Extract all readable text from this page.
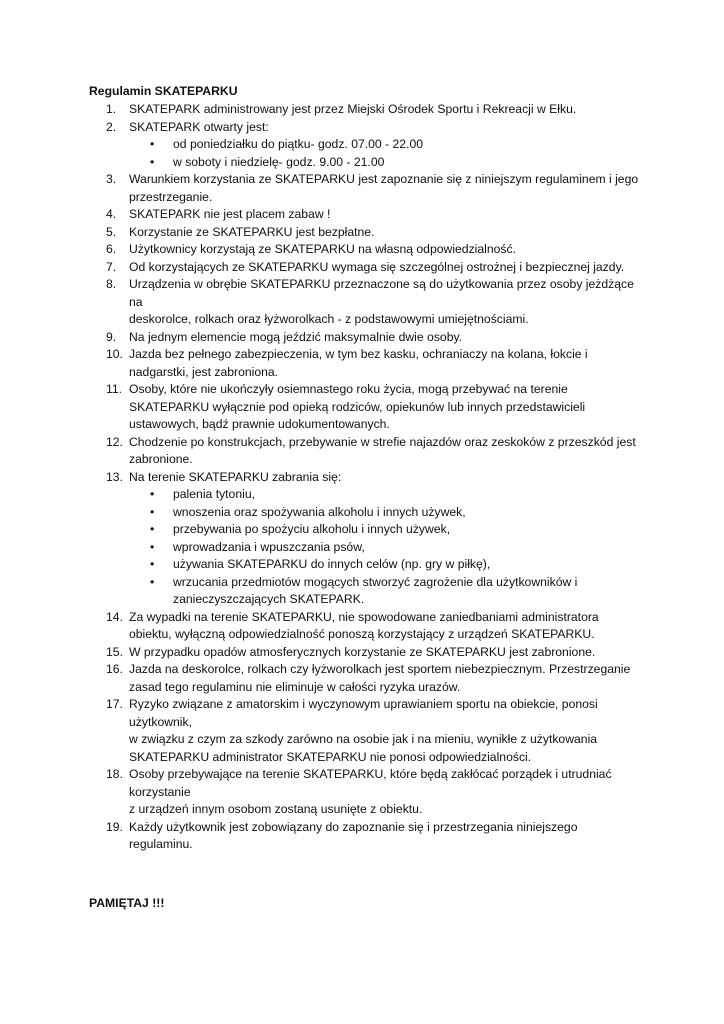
Regulamin SKATEPARKU
1. SKATEPARK administrowany jest przez Miejski Ośrodek Sportu i Rekreacji w Ełku.
2. SKATEPARK otwarty jest:
• od poniedziałku do piątku- godz. 07.00 - 22.00
• w soboty i niedzielę- godz. 9.00 - 21.00
3. Warunkiem korzystania ze SKATEPARKU jest zapoznanie się z niniejszym regulaminem i jego
przestrzeganie.
4. SKATEPARK nie jest placem zabaw !
5. Korzystanie ze SKATEPARKU jest bezpłatne.
6. Użytkownicy korzystają ze SKATEPARKU na własną odpowiedzialność.
7. Od korzystających ze SKATEPARKU wymaga się szczególnej ostrożnej i bezpiecznej jazdy.
8. Urządzenia w obrębie SKATEPARKU przeznaczone są do użytkowania przez osoby jeżdżące na
deskorolce, rolkach oraz łyżworolkach - z podstawowymi umiejętnościami.
9. Na jednym elemencie mogą jeździć maksymalnie dwie osoby.
10. Jazda bez pełnego zabezpieczenia, w tym bez kasku, ochraniaczy na kolana, łokcie i
nadgarstki, jest zabroniona.
11. Osoby, które nie ukończyły osiemnastego roku życia, mogą przebywać na terenie
SKATEPARKU wyłącznie pod opieką rodziców, opiekunów lub innych przedstawicieli
ustawowych, bądź prawnie udokumentowanych.
12. Chodzenie po konstrukcjach, przebywanie w strefie najazdów oraz zeskoków z przeszkód jest
zabronione.
13. Na terenie SKATEPARKU zabrania się:
• palenia tytoniu,
• wnoszenia oraz spożywania alkoholu i innych używek,
• przebywania po spożyciu alkoholu i innych używek,
• wprowadzania i wpuszczania psów,
• używania SKATEPARKU do innych celów (np. gry w piłkę),
• wrzucania przedmiotów mogących stworzyć zagrożenie dla użytkowników i
zanieczyszczających SKATEPARK.
14. Za wypadki na terenie SKATEPARKU, nie spowodowane zaniedbaniami administratora
obiektu, wyłączną odpowiedzialność ponoszą korzystający z urządzeń SKATEPARKU.
15. W przypadku opadów atmosferycznych korzystanie ze SKATEPARKU jest zabronione.
16. Jazda na deskorolce, rolkach czy łyżworolkach jest sportem niebezpiecznym. Przestrzeganie
zasad tego regulaminu nie eliminuje w całości ryzyka urazów.
17. Ryzyko związane z amatorskim i wyczynowym uprawianiem sportu na obiekcie, ponosi
użytkownik,
w związku z czym za szkody zarówno na osobie jak i na mieniu, wynikłe z użytkowania
SKATEPARKU administrator SKATEPARKU nie ponosi odpowiedzialności.
18. Osoby przebywające na terenie SKATEPARKU, które będą zakłócać porządek i utrudniać
korzystanie
z urządzeń innym osobom zostaną usunięte z obiektu.
19. Każdy użytkownik jest zobowiązany do zapoznanie się i przestrzegania niniejszego
regulaminu.
PAMIĘTAJ !!!
